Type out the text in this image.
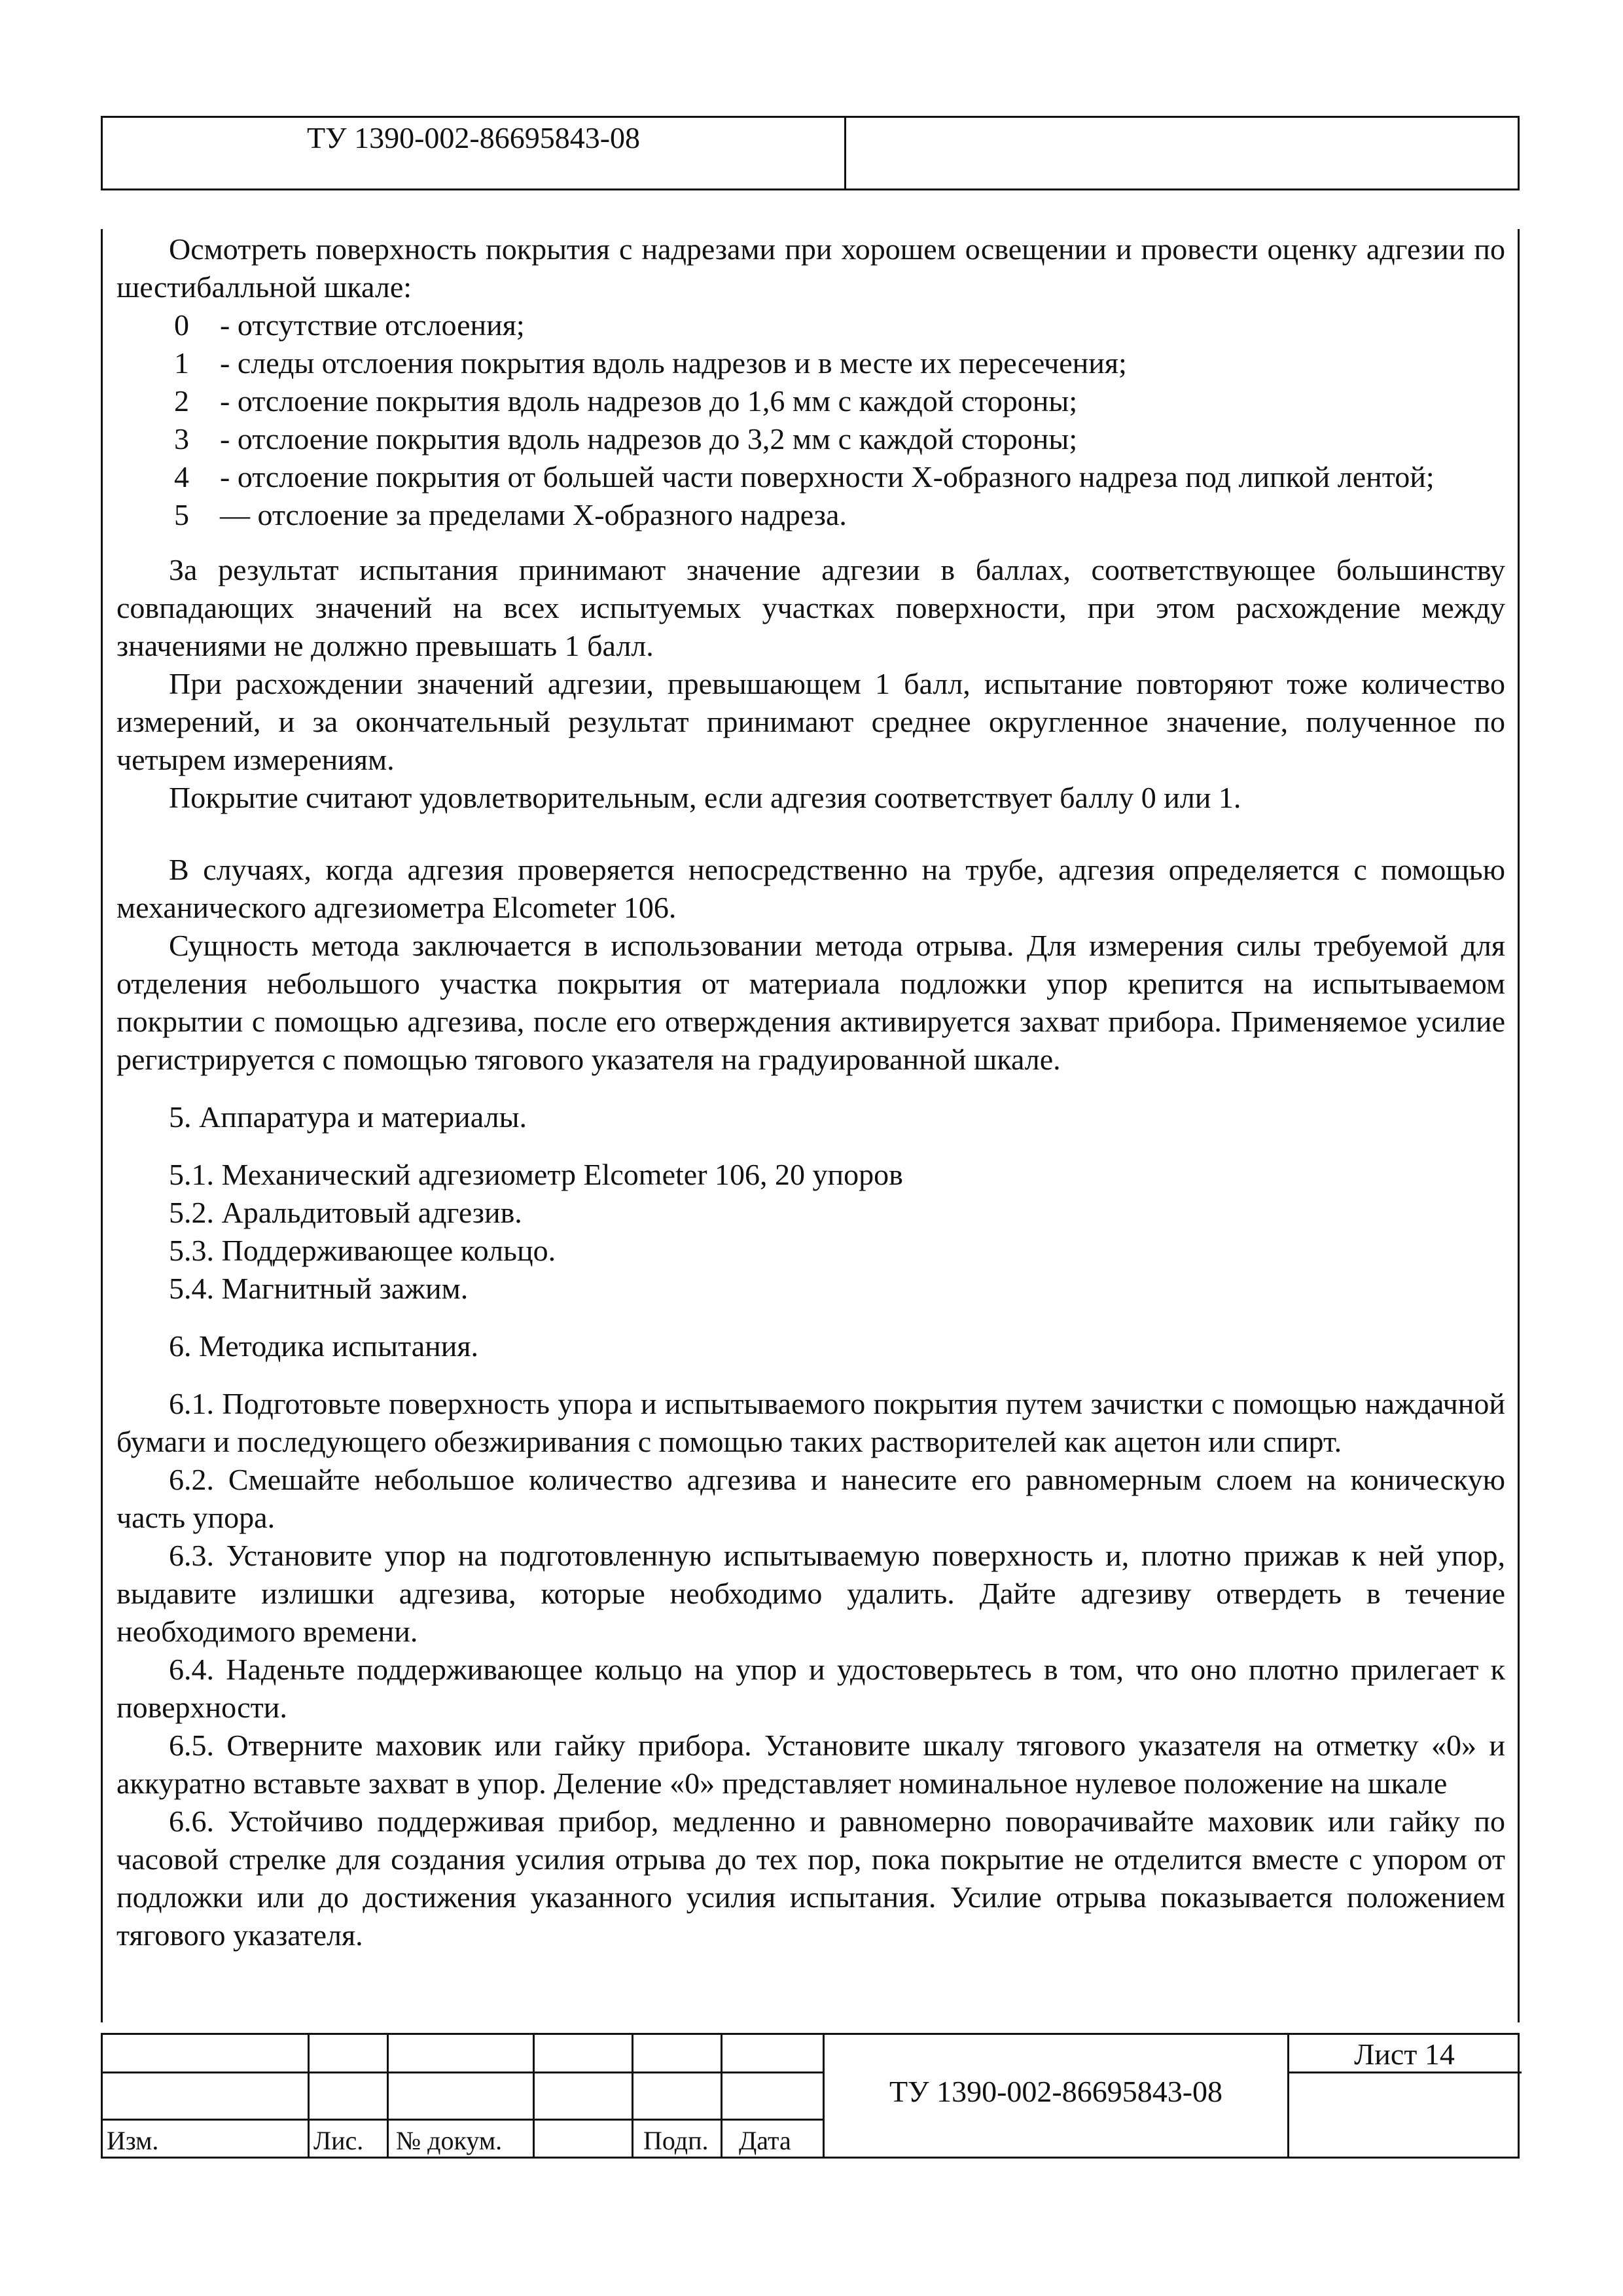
ТУ 1390-002-86695843-08

Осмотреть поверхность покрытия с надрезами при хорошем освещении и провести оценку адгезии по шестибалльной шкале:

0 - отсутствие отслоения;

1 - следы отслоения покрытия вдоль надрезов и в месте их пересечения;

2 - отслоение покрытия вдоль надрезов до 1,6 мм с каждой стороны;

3 - отслоение покрытия вдоль надрезов до 3,2 мм с каждой стороны;

4 - отслоение покрытия от большей части поверхности Х-образного надреза под липкой лентой;

5 — отслоение за пределами Х-образного надреза.

За результат испытания принимают значение адгезии в баллах, соответствующее большинству совпадающих значений на всех испытуемых участках поверхности, при этом расхождение между значениями не должно превышать 1 балл.

При расхождении значений адгезии, превышающем 1 балл, испытание повторяют тоже количество измерений, и за окончательный результат принимают среднее округленное значение, полученное по четырем измерениям.

Покрытие считают удовлетворительным, если адгезия соответствует баллу 0 или 1.

В случаях, когда адгезия проверяется непосредственно на трубе, адгезия определяется с помощью механического адгезиометра Elcometer 106.

Сущность метода заключается в использовании метода отрыва. Для измерения силы требуемой для отделения небольшого участка покрытия от материала подложки упор крепится на испытываемом покрытии с помощью адгезива, после его отверждения активируется захват прибора. Применяемое усилие регистрируется с помощью тягового указателя на градуированной шкале.

5. Аппаратура и материалы.

5.1. Механический адгезиометр Elcometer 106, 20 упоров

5.2. Аральдитовый адгезив.

5.3. Поддерживающее кольцо.

5.4. Магнитный зажим.

6. Методика испытания.

6.1. Подготовьте поверхность упора и испытываемого покрытия путем зачистки с помощью наждачной бумаги и последующего обезжиривания с помощью таких растворителей как ацетон или спирт.

6.2. Смешайте небольшое количество адгезива и нанесите его равномерным слоем на коническую часть упора.

6.3. Установите упор на подготовленную испытываемую поверхность и, плотно прижав к ней упор, выдавите излишки адгезива, которые необходимо удалить. Дайте адгезиву отвердеть в течение необходимого времени.

6.4. Наденьте поддерживающее кольцо на упор и удостоверьтесь в том, что оно плотно прилегает к поверхности.

6.5. Отверните маховик или гайку прибора. Установите шкалу тягового указателя на отметку «0» и аккуратно вставьте захват в упор. Деление «0» представляет номинальное нулевое положение на шкале

6.6. Устойчиво поддерживая прибор, медленно и равномерно поворачивайте маховик или гайку по часовой стрелке для создания усилия отрыва до тех пор, пока покрытие не отделится вместе с упором от подложки или до достижения указанного усилия испытания. Усилие отрыва показывается положением тягового указателя.

Изм.	Лис. № докум.	Подп. Дата
ТУ 1390-002-86695843-08
Лист 14
